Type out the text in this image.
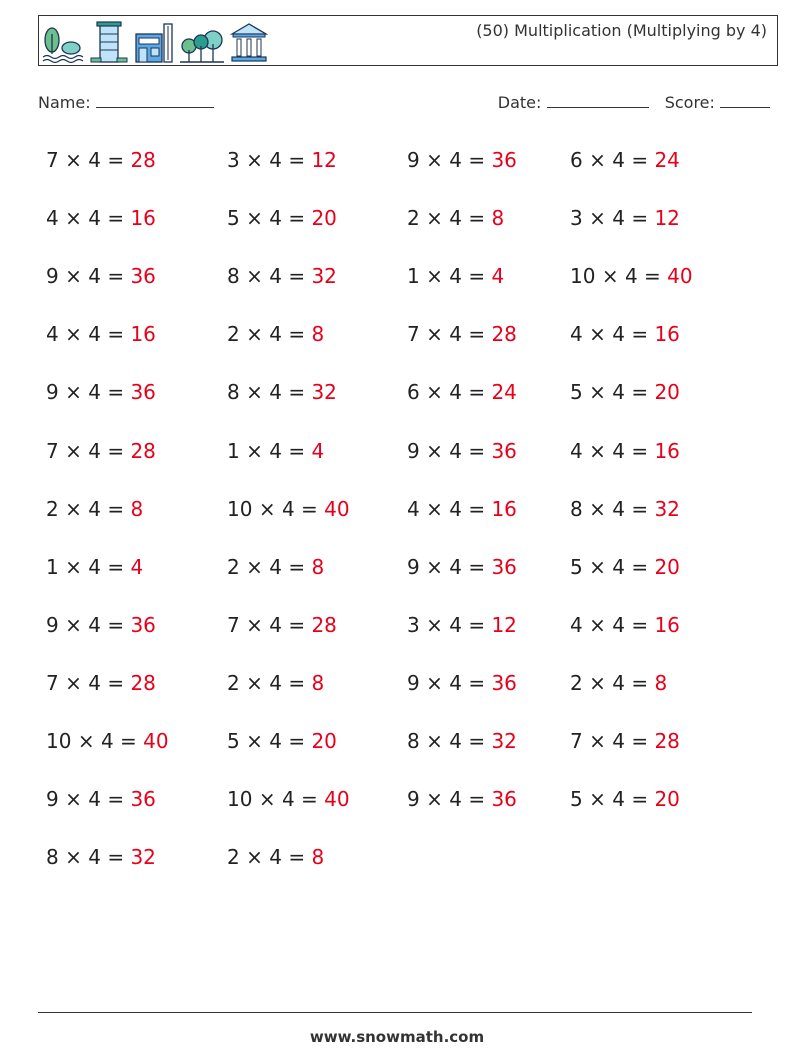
(50) Multiplication (Multiplying by 4)
Name:	Date:	Score:
7 × 4 = 28	3 × 4 = 12	9 × 4 = 36	6 × 4 = 24
4 × 4 = 16	5 × 4 = 20	2 × 4 = 8	3 × 4 = 12
9 × 4 = 36	8 × 4 = 32	1 × 4 = 4	10 × 4 = 40
4 × 4 = 16	2 × 4 = 8	7 × 4 = 28	4 × 4 = 16
9 × 4 = 36	8 × 4 = 32	6 × 4 = 24	5 × 4 = 20
7 × 4 = 28	1 × 4 = 4	9 × 4 = 36	4 × 4 = 16
2 × 4 = 8	10 × 4 = 40	4 × 4 = 16	8 × 4 = 32
1 × 4 = 4	2 × 4 = 8	9 × 4 = 36	5 × 4 = 20
9 × 4 = 36	7 × 4 = 28	3 × 4 = 12	4 × 4 = 16
7 × 4 = 28	2 × 4 = 8	9 × 4 = 36	2 × 4 = 8
10 × 4 = 40	5 × 4 = 20	8 × 4 = 32	7 × 4 = 28
9 × 4 = 36	10 × 4 = 40	9 × 4 = 36	5 × 4 = 20
8 × 4 = 32	2 × 4 = 8
www.snowmath.com
